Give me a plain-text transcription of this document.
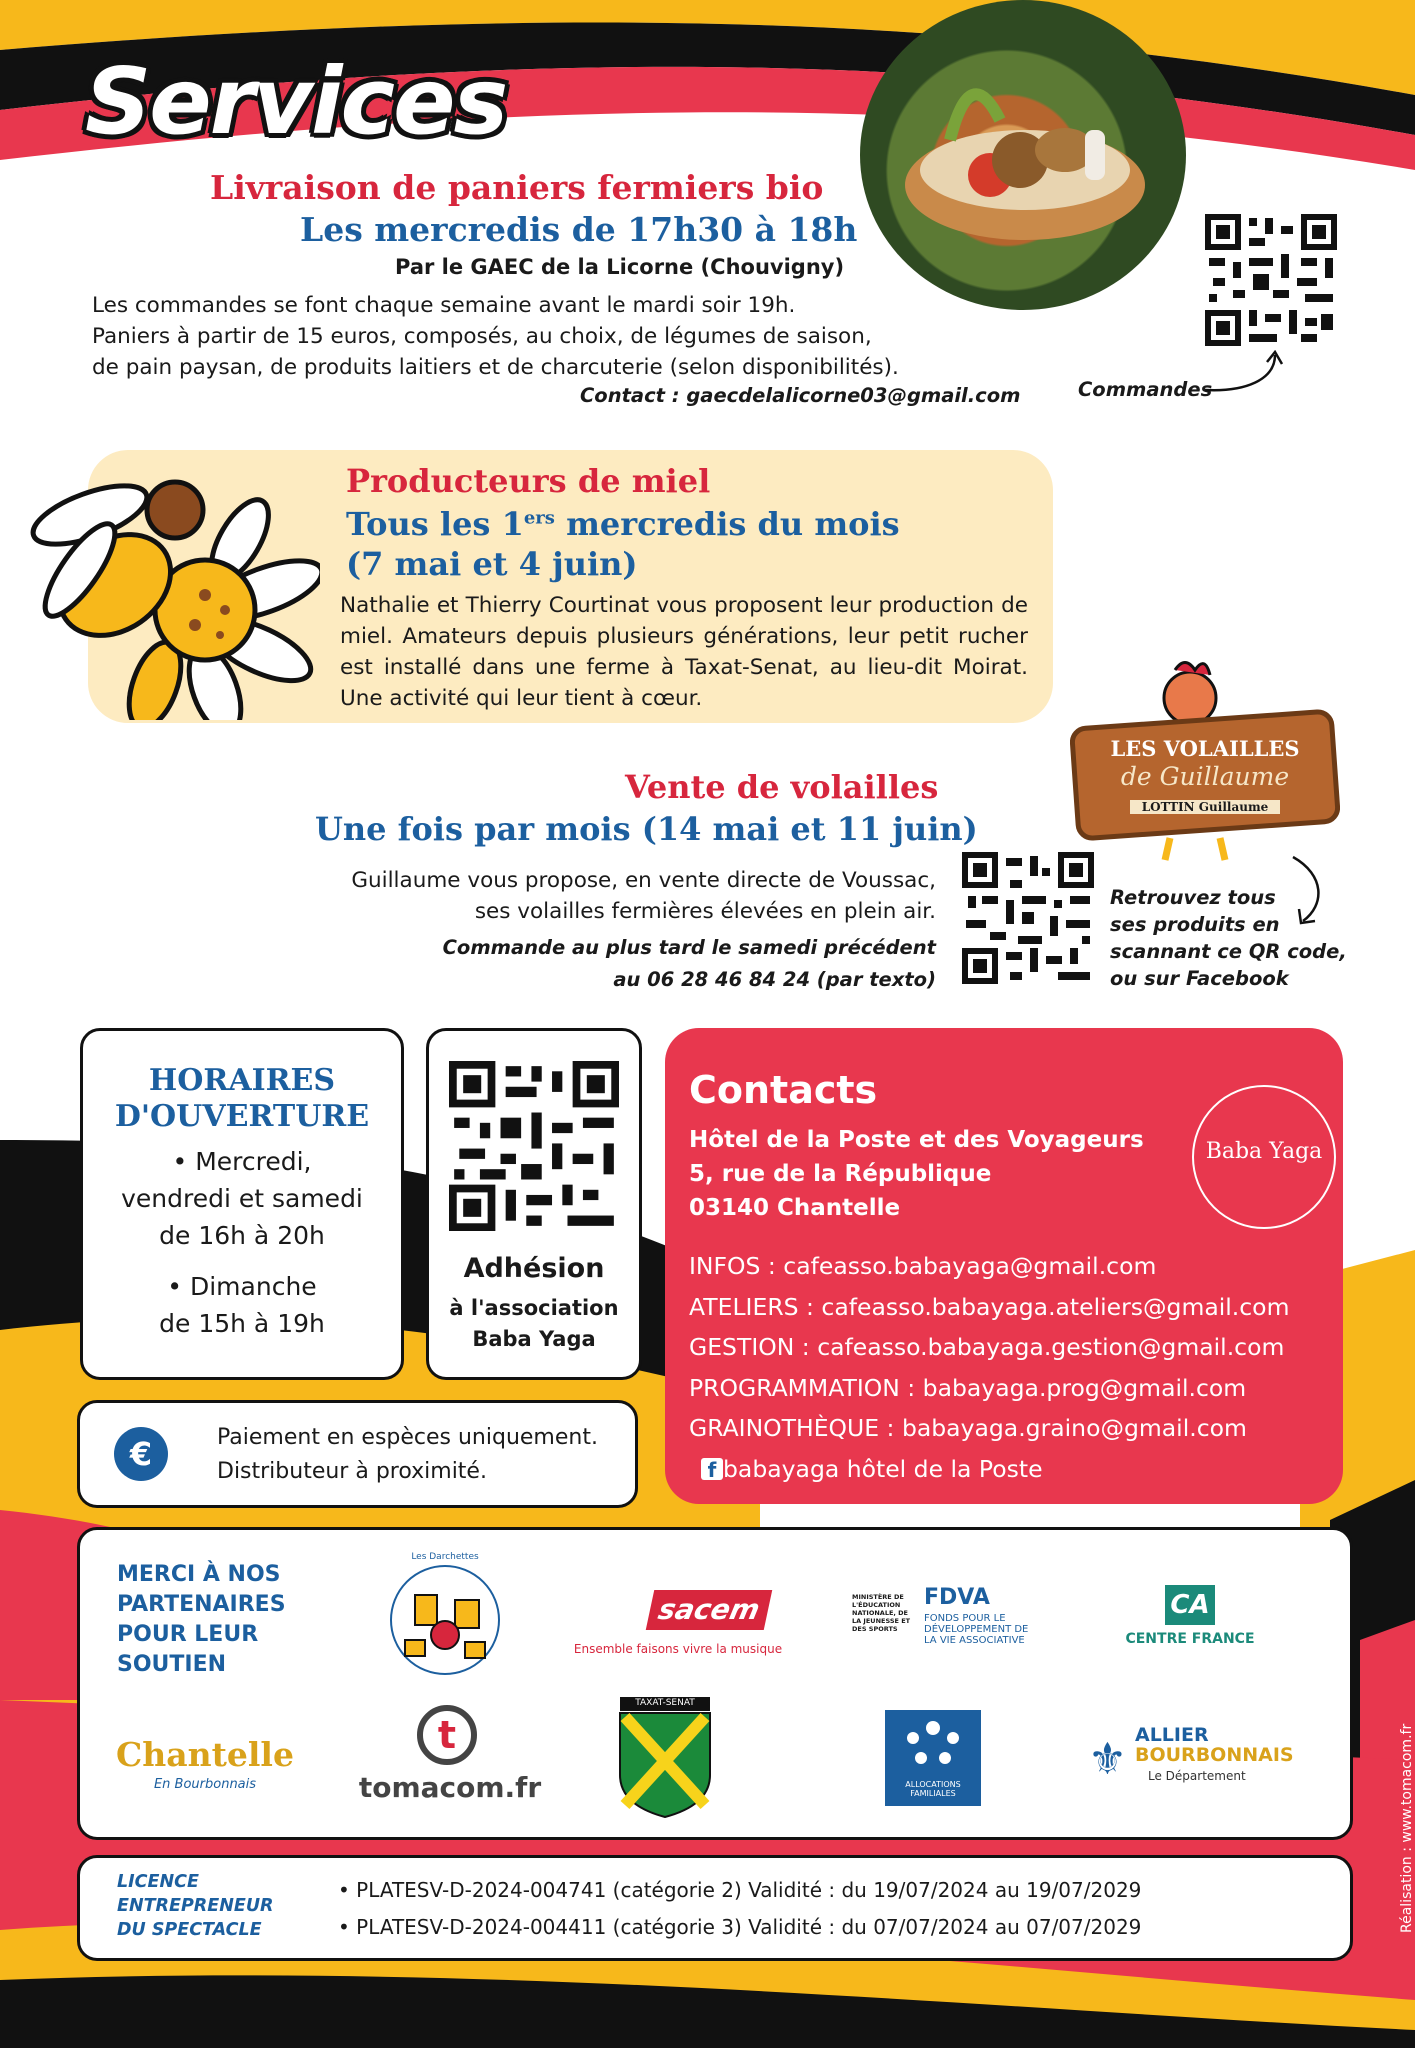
Services
Livraison de paniers fermiers bio
Les mercredis de 17h30 à 18h
Par le GAEC de la Licorne (Chouvigny)
Les commandes se font chaque semaine avant le mardi soir 19h.
Paniers à partir de 15 euros, composés, au choix, de légumes de saison,
de pain paysan, de produits laitiers et de charcuterie (selon disponibilités).
Contact : gaecdelalicorne03@gmail.com	Commandes
Producteurs de miel
Tous les 1ers mercredis du mois
(7 mai et 4 juin)
Nathalie et Thierry Courtinat vous proposent leur production de miel. Amateurs depuis plusieurs générations, leur petit rucher est installé dans une ferme à Taxat-Senat, au lieu-dit Moirat. Une activité qui leur tient à cœur.
Vente de volailles
Une fois par mois (14 mai et 11 juin)
Guillaume vous propose, en vente directe de Voussac,
ses volailles fermières élevées en plein air.
Commande au plus tard le samedi précédent
au 06 28 46 84 24 (par texto)
LES VOLAILLES
de Guillaume
LOTTIN Guillaume
Retrouvez tous
ses produits en
scannant ce QR code,
ou sur Facebook
HORAIRES
D'OUVERTURE
• Mercredi,
vendredi et samedi
de 16h à 20h
• Dimanche
de 15h à 19h
Adhésion
à l'association
Baba Yaga
€	Paiement en espèces uniquement.
Distributeur à proximité.
Contacts
Hôtel de la Poste et des Voyageurs
5, rue de la République
03140 Chantelle
Baba Yaga
INFOS : cafeasso.babayaga@gmail.com
ATELIERS : cafeasso.babayaga.ateliers@gmail.com
GESTION : cafeasso.babayaga.gestion@gmail.com
PROGRAMMATION : babayaga.prog@gmail.com
GRAINOTHÈQUE : babayaga.graino@gmail.com
f babayaga hôtel de la Poste
MERCI À NOS
PARTENAIRES
POUR LEUR
SOUTIEN
Les Darchettes
sacem
Ensemble faisons vivre la musique
MINISTÈRE DE L'ÉDUCATION NATIONALE, DE LA JEUNESSE ET DES SPORTS
FDVA
FONDS POUR LE DÉVELOPPEMENT DE LA VIE ASSOCIATIVE
CA
CENTRE FRANCE
Chantelle
En Bourbonnais
t
tomacom.fr
TAXAT-SENAT
ALLOCATIONS FAMILIALES
⚜ ALLIER
BOURBONNAIS
Le Département
LICENCE
ENTREPRENEUR
DU SPECTACLE
• PLATESV-D-2024-004741 (catégorie 2) Validité : du 19/07/2024 au 19/07/2029
• PLATESV-D-2024-004411 (catégorie 3) Validité : du 07/07/2024 au 07/07/2029	Réalisation : www.tomacom.fr
